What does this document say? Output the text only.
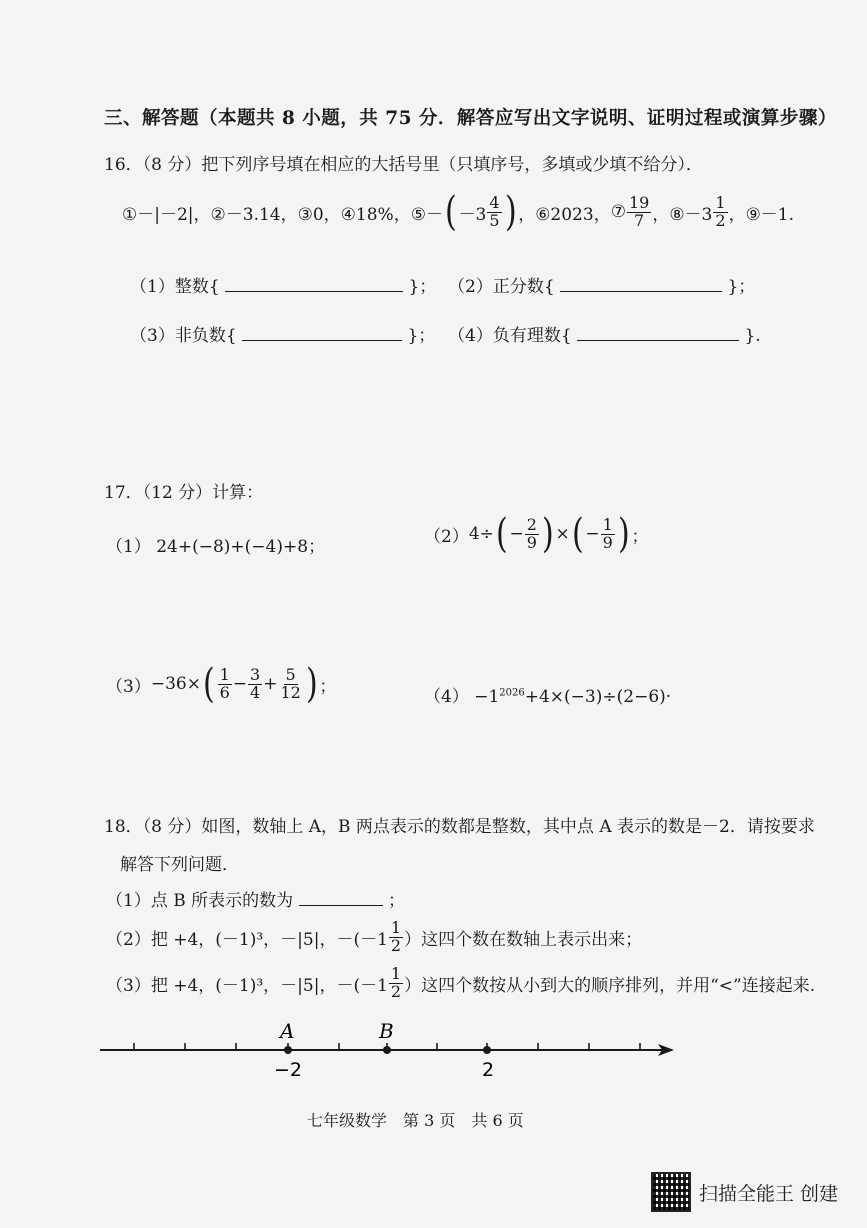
三、解答题（本题共 8 小题，共 75 分．解答应写出文字说明、证明过程或演算步骤）
16．（8 分）把下列序号填在相应的大括号里（只填序号，多填或少填不给分）．
①－|－2|， ②－3.14， ③0， ④18%， ⑤－ ( $-3 \frac{4}{5}$ ) ， ⑥2023， ⑦ $\frac{19}{7}$ ， ⑧－3 $\frac{1}{2}$ ， ⑨－1.
（1）整数{	}； （2）正分数{	}；
（3）非负数{	}； （4）负有理数{	}.
17．（12 分）计算：
（1） 24+(−8)+(−4)+8；
（2） 4÷ ( − $\frac{2}{9}$ ) × ( − $\frac{1}{9}$ ) ；
（3） −36× ( $\frac{1}{6} - \frac{3}{4} + \frac{5}{12}$ ) ；
$(4) -1^{2026}+4\times(-3)\div(2-6)\cdot$
18．（8 分）如图，数轴上 A，B 两点表示的数都是整数，其中点 A 表示的数是－2．请按要求
解答下列问题．
（1）点 B 所表示的数为	；
（2）把 +4，(－1)³，－|5|，$-(-1 \frac{1}{2}$ ）这四个数在数轴上表示出来；
（3）把 +4，(－1)³，－|5|，$-(-1 \frac{1}{2}$ ）这四个数按从小到大的顺序排列，并用“<”连接起来.
A	B
−2	2
七年级数学　第 3 页　共 6 页
扫描全能王 创建
